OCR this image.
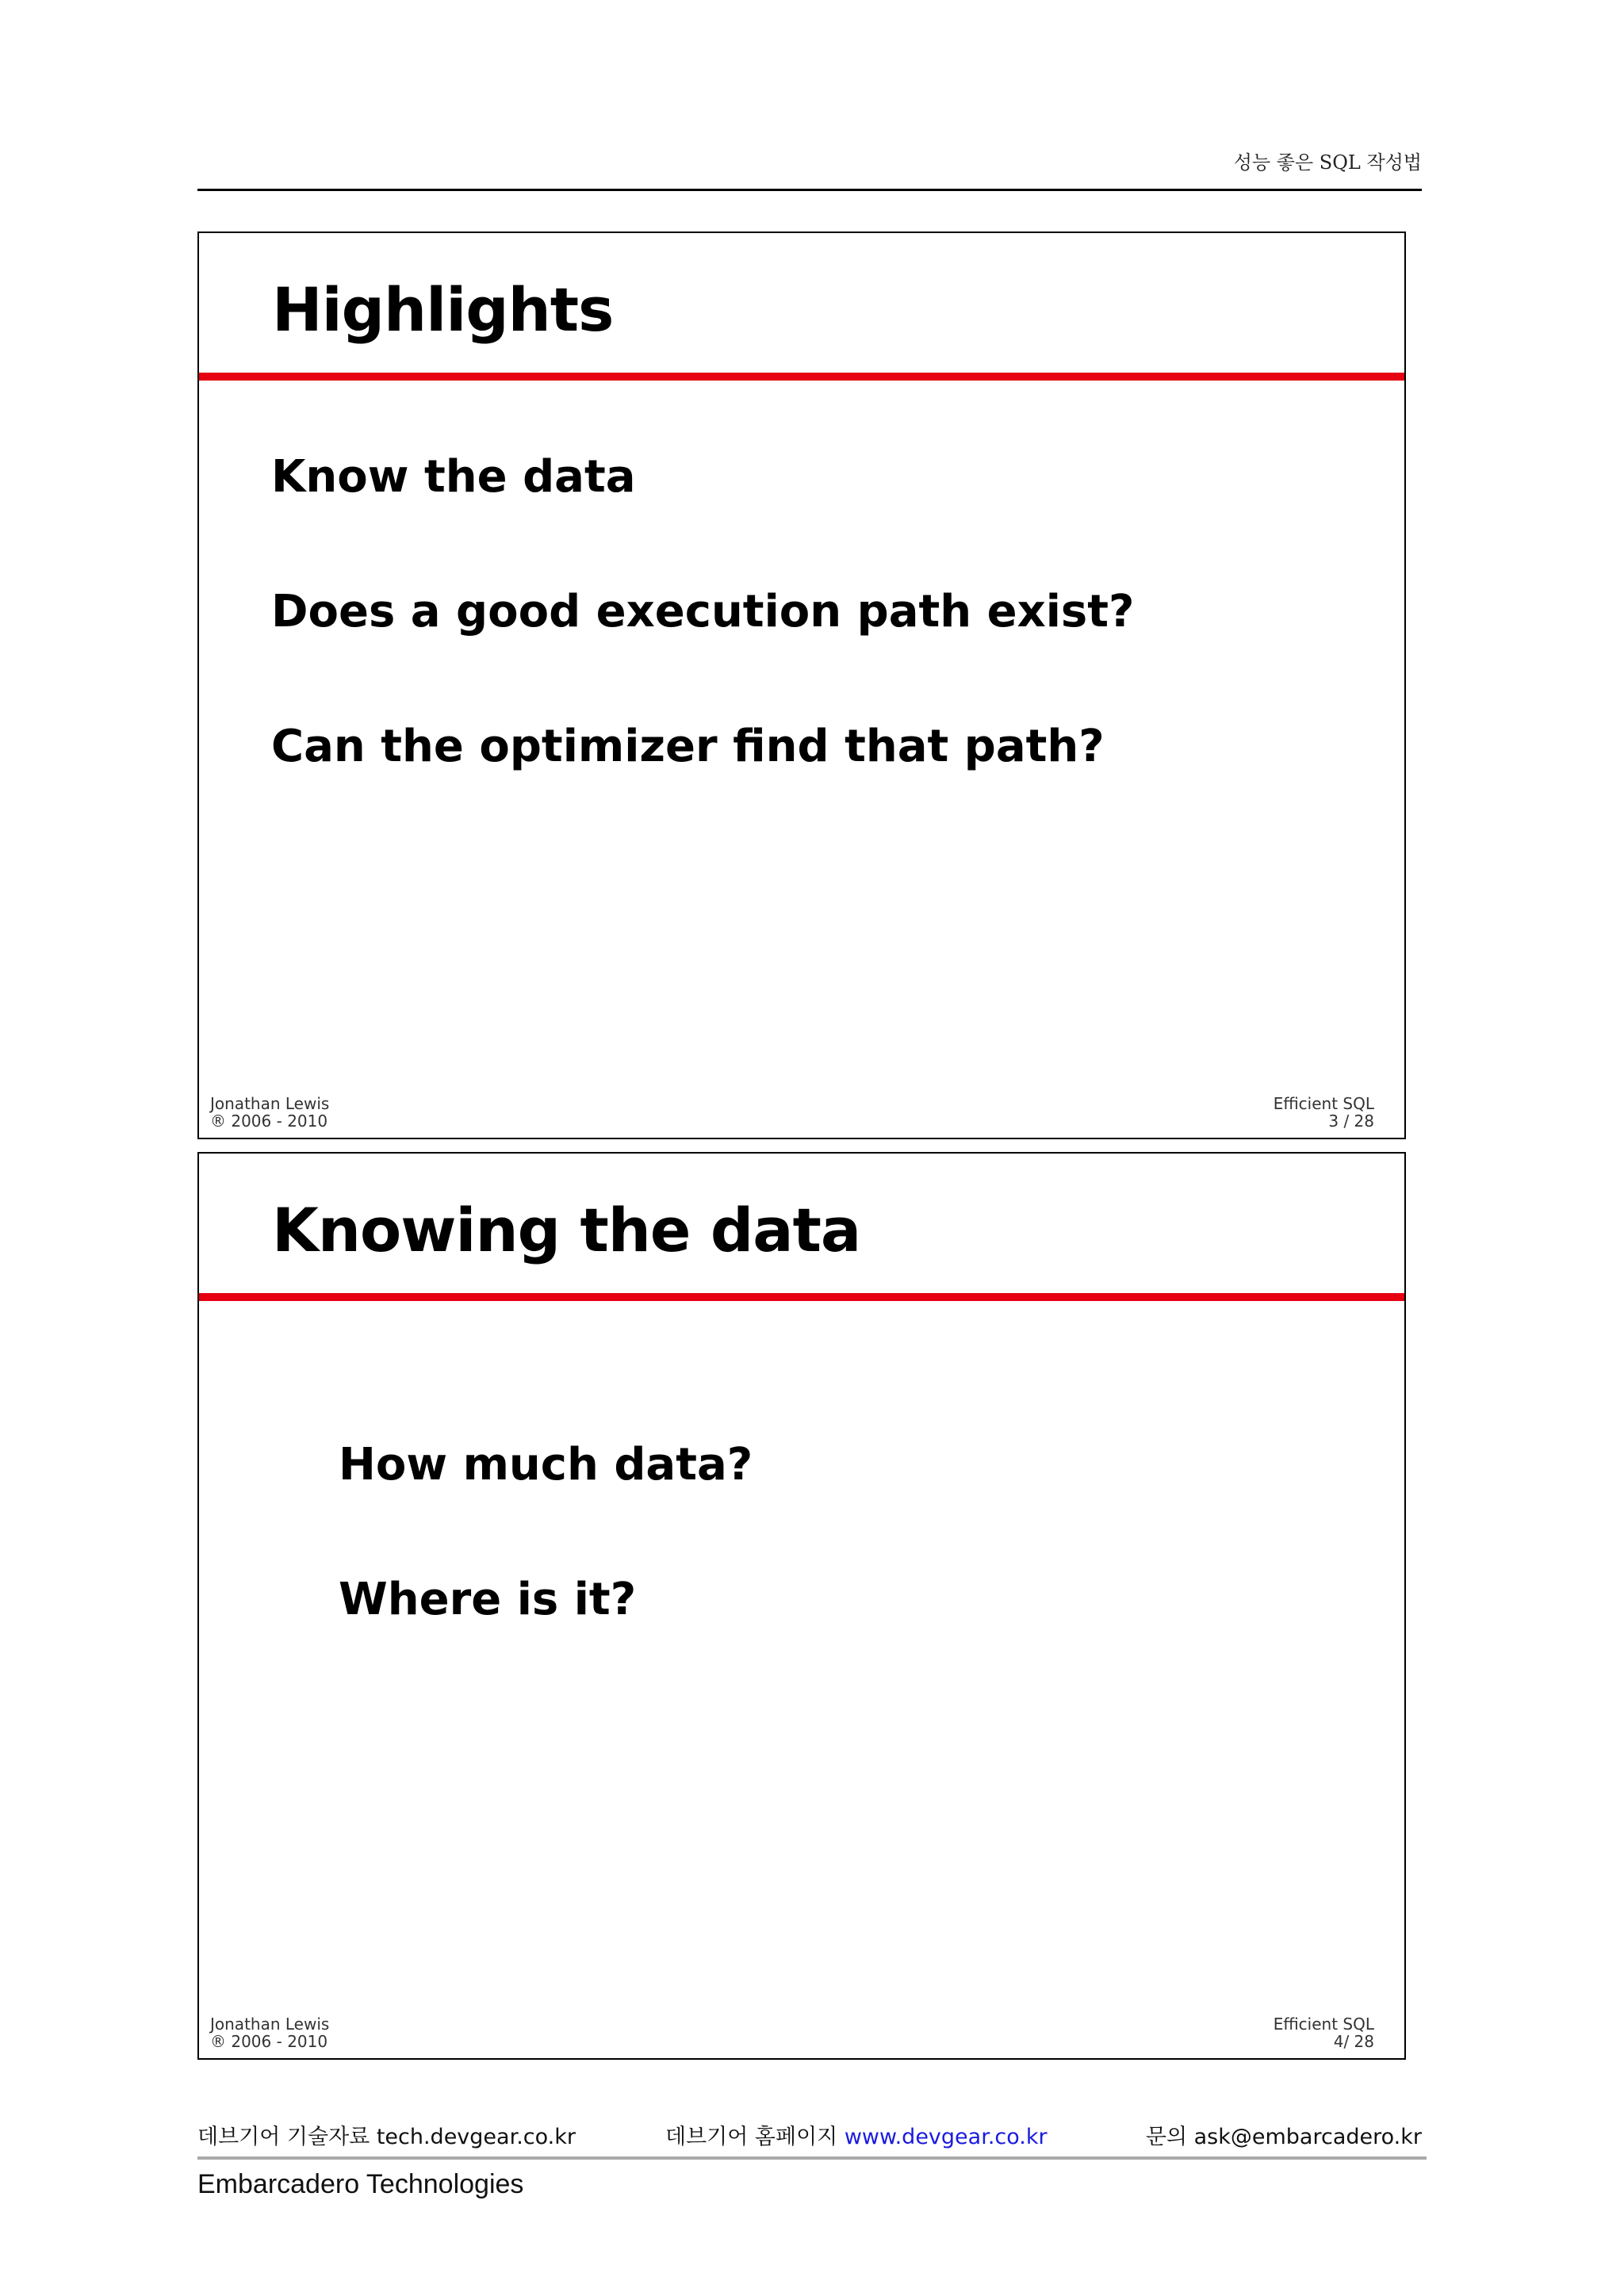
성능 좋은 SQL 작성법
Highlights
Know the data
Does a good execution path exist?
Can the optimizer find that path?
Jonathan Lewis
® 2006 - 2010
Efficient SQL
3 / 28
Knowing the data
How much data?
Where is it?
Jonathan Lewis
® 2006 - 2010
Efficient SQL
4/ 28
데브기어 기술자료 tech.devgear.co.kr	데브기어 홈페이지 www.devgear.co.kr	문의 ask@embarcadero.kr
Embarcadero Technologies
